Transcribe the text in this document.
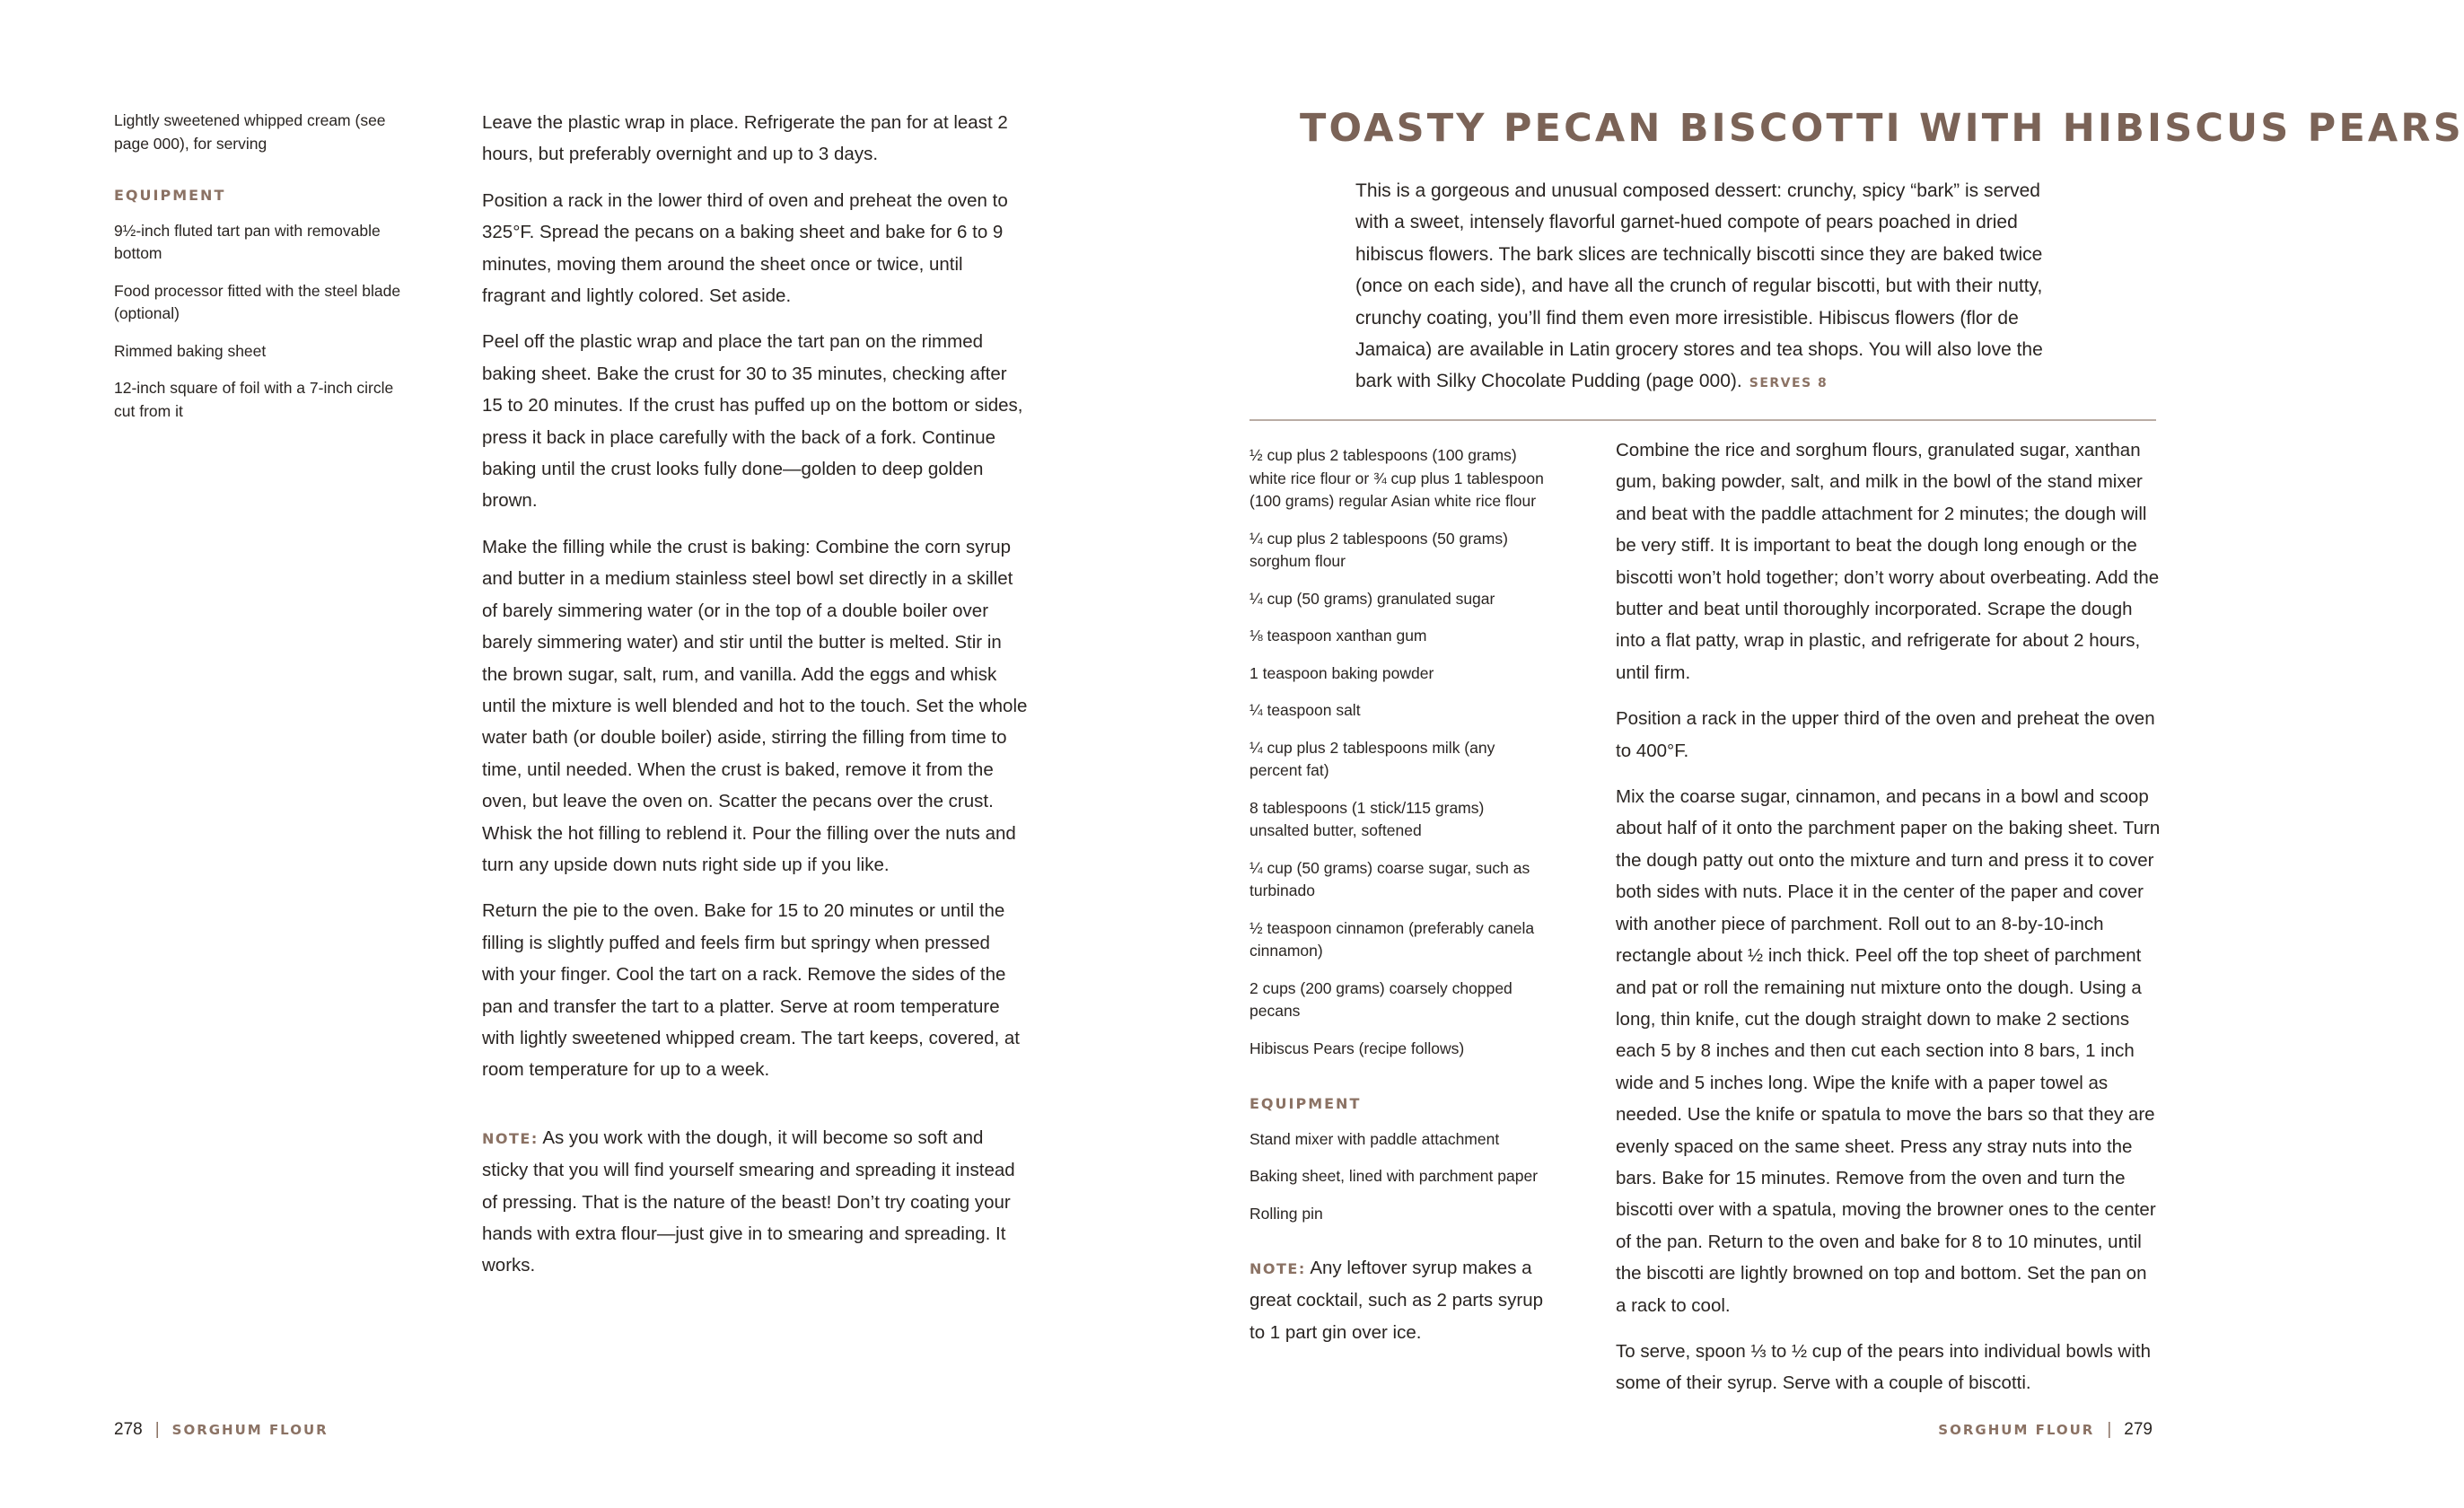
Lightly sweetened whipped cream (see page 000), for serving
EQUIPMENT
9½-inch fluted tart pan with removable bottom
Food processor fitted with the steel blade (optional)
Rimmed baking sheet
12-inch square of foil with a 7-inch circle cut from it

Leave the plastic wrap in place. Refrigerate the pan for at least 2 hours, but preferably overnight and up to 3 days.

Position a rack in the lower third of oven and preheat the oven to 325°F. Spread the pecans on a baking sheet and bake for 6 to 9 minutes, moving them around the sheet once or twice, until fragrant and lightly colored. Set aside.

Peel off the plastic wrap and place the tart pan on the rimmed baking sheet. Bake the crust for 30 to 35 minutes, checking after 15 to 20 minutes. If the crust has puffed up on the bottom or sides, press it back in place carefully with the back of a fork. Continue baking until the crust looks fully done—golden to deep golden brown.

Make the filling while the crust is baking: Combine the corn syrup and butter in a medium stainless steel bowl set directly in a skillet of barely simmering water (or in the top of a double boiler over barely simmering water) and stir until the butter is melted. Stir in the brown sugar, salt, rum, and vanilla. Add the eggs and whisk until the mixture is well blended and hot to the touch. Set the whole water bath (or double boiler) aside, stirring the filling from time to time, until needed. When the crust is baked, remove it from the oven, but leave the oven on. Scatter the pecans over the crust. Whisk the hot filling to reblend it. Pour the filling over the nuts and turn any upside down nuts right side up if you like.

Return the pie to the oven. Bake for 15 to 20 minutes or until the filling is slightly puffed and feels firm but springy when pressed with your finger. Cool the tart on a rack. Remove the sides of the pan and transfer the tart to a platter. Serve at room temperature with lightly sweetened whipped cream. The tart keeps, covered, at room temperature for up to a week.

NOTE: As you work with the dough, it will become so soft and sticky that you will find yourself smearing and spreading it instead of pressing. That is the nature of the beast! Don’t try coating your hands with extra flour—just give in to smearing and spreading. It works.

278 | SORGHUM FLOUR
TOASTY PECAN BISCOTTI WITH HIBISCUS PEARS
This is a gorgeous and unusual composed dessert: crunchy, spicy “bark” is served with a sweet, intensely flavorful garnet-hued compote of pears poached in dried hibiscus flowers. The bark slices are technically biscotti since they are baked twice (once on each side), and have all the crunch of regular biscotti, but with their nutty, crunchy coating, you’ll find them even more irresistible. Hibiscus flowers (flor de Jamaica) are available in Latin grocery stores and tea shops. You will also love the bark with Silky Chocolate Pudding (page 000). SERVES 8
½ cup plus 2 tablespoons (100 grams) white rice flour or ¾ cup plus 1 tablespoon (100 grams) regular Asian white rice flour
¼ cup plus 2 tablespoons (50 grams) sorghum flour
¼ cup (50 grams) granulated sugar
⅛ teaspoon xanthan gum
1 teaspoon baking powder
¼ teaspoon salt
¼ cup plus 2 tablespoons milk (any percent fat)
8 tablespoons (1 stick/115 grams) unsalted butter, softened
¼ cup (50 grams) coarse sugar, such as turbinado
½ teaspoon cinnamon (preferably canela cinnamon)
2 cups (200 grams) coarsely chopped pecans
Hibiscus Pears (recipe follows)
EQUIPMENT
Stand mixer with paddle attachment
Baking sheet, lined with parchment paper
Rolling pin
NOTE: Any leftover syrup makes a great cocktail, such as 2 parts syrup to 1 part gin over ice.

Combine the rice and sorghum flours, granulated sugar, xanthan gum, baking powder, salt, and milk in the bowl of the stand mixer and beat with the paddle attachment for 2 minutes; the dough will be very stiff. It is important to beat the dough long enough or the biscotti won’t hold together; don’t worry about overbeating. Add the butter and beat until thoroughly incorporated. Scrape the dough into a flat patty, wrap in plastic, and refrigerate for about 2 hours, until firm.

Position a rack in the upper third of the oven and preheat the oven to 400°F.

Mix the coarse sugar, cinnamon, and pecans in a bowl and scoop about half of it onto the parchment paper on the baking sheet. Turn the dough patty out onto the mixture and turn and press it to cover both sides with nuts. Place it in the center of the paper and cover with another piece of parchment. Roll out to an 8-by-10-inch rectangle about ½ inch thick. Peel off the top sheet of parchment and pat or roll the remaining nut mixture onto the dough. Using a long, thin knife, cut the dough straight down to make 2 sections each 5 by 8 inches and then cut each section into 8 bars, 1 inch wide and 5 inches long. Wipe the knife with a paper towel as needed. Use the knife or spatula to move the bars so that they are evenly spaced on the same sheet. Press any stray nuts into the bars. Bake for 15 minutes. Remove from the oven and turn the biscotti over with a spatula, moving the browner ones to the center of the pan. Return to the oven and bake for 8 to 10 minutes, until the biscotti are lightly browned on top and bottom. Set the pan on a rack to cool.

To serve, spoon ⅓ to ½ cup of the pears into individual bowls with some of their syrup. Serve with a couple of biscotti.

SORGHUM FLOUR | 279
